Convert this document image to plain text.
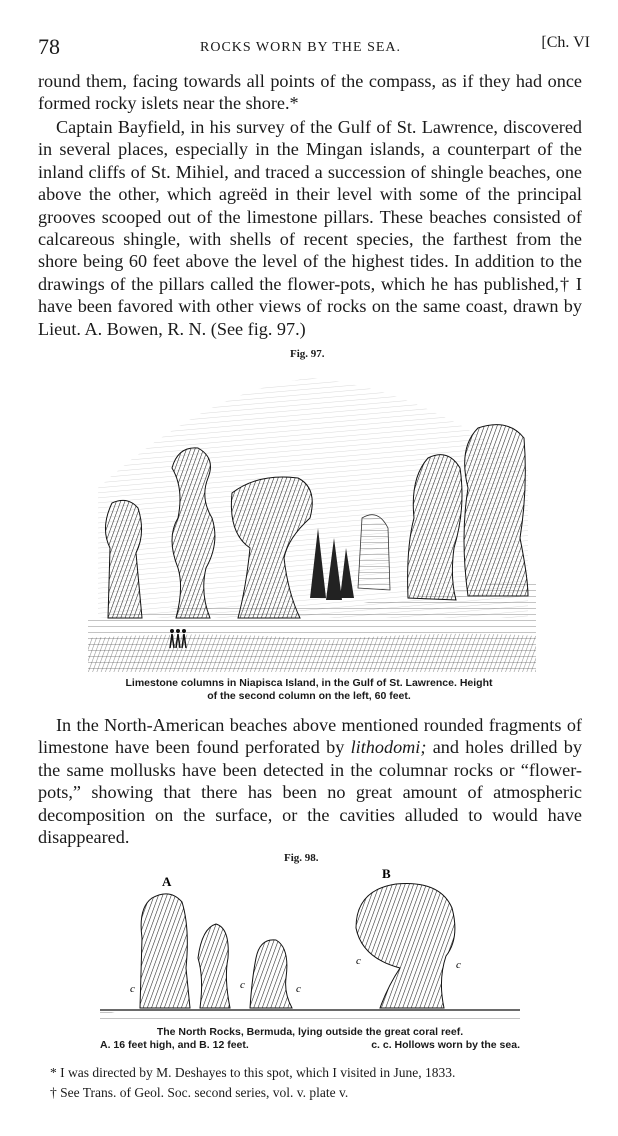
78	ROCKS WORN BY THE SEA.	[Ch. VI

round them, facing towards all points of the compass, as if they had once formed rocky islets near the shore.*

Captain Bayfield, in his survey of the Gulf of St. Lawrence, discovered in several places, especially in the Mingan islands, a counterpart of the inland cliffs of St. Mihiel, and traced a succession of shingle beaches, one above the other, which agreëd in their level with some of the principal grooves scooped out of the limestone pillars. These beaches consisted of calcareous shingle, with shells of recent species, the farthest from the shore being 60 feet above the level of the highest tides. In addition to the drawings of the pillars called the flower-pots, which he has published,† I have been favored with other views of rocks on the same coast, drawn by Lieut. A. Bowen, R. N. (See fig. 97.)

Fig. 97.
Limestone columns in Niapisca Island, in the Gulf of St. Lawrence. Height
of the second column on the left, 60 feet.

In the North-American beaches above mentioned rounded fragments of limestone have been found perforated by lithodomi; and holes drilled by the same mollusks have been detected in the columnar rocks or “flower-pots,” showing that there has been no great amount of atmospheric decomposition on the surface, or the cavities alluded to would have disappeared.

Fig. 98.
A
B
c	c	c
c	c
The North Rocks, Bermuda, lying outside the great coral reef.
A. 16 feet high, and B. 12 feet.	c. c. Hollows worn by the sea.
* I was directed by M. Deshayes to this spot, which I visited in June, 1833.
† See Trans. of Geol. Soc. second series, vol. v. plate v.
